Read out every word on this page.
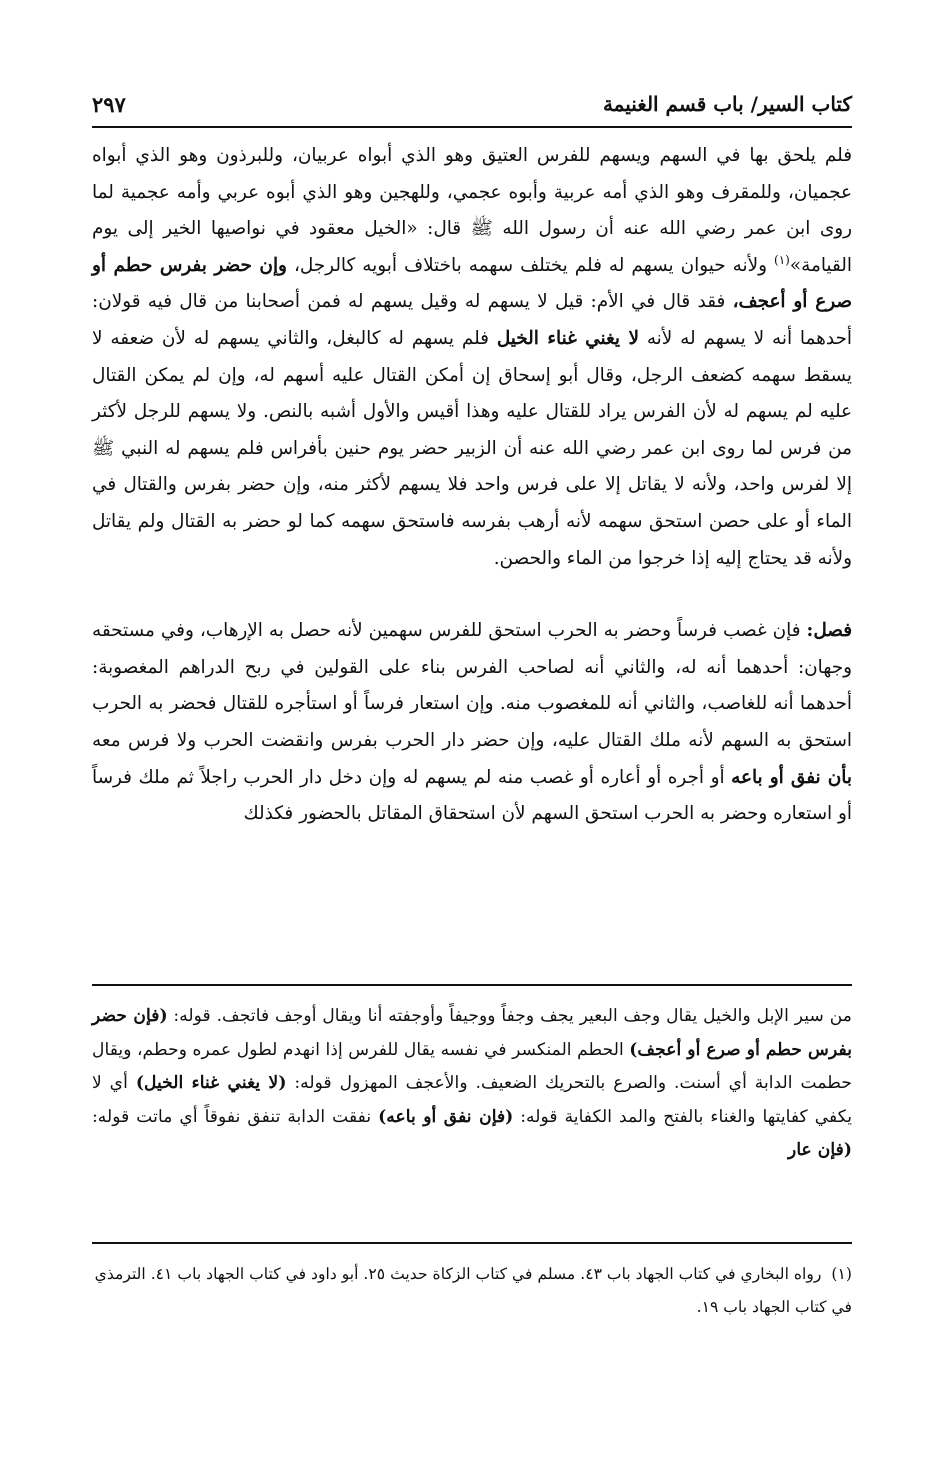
كتاب السير/ باب قسم الغنيمة
٢٩٧

فلم يلحق بها في السهم ويسهم للفرس العتيق وهو الذي أبواه عربيان، وللبرذون وهو الذي أبواه عجميان، وللمقرف وهو الذي أمه عربية وأبوه عجمي، وللهجين وهو الذي أبوه عربي وأمه عجمية لما روى ابن عمر رضي الله عنه أن رسول الله ﷺ قال: «الخيل معقود في نواصيها الخير إلى يوم القيامة»$^{(١)}$ ولأنه حيوان يسهم له فلم يختلف سهمه باختلاف أبويه كالرجل، وإن حضر بفرس حطم أو صرع أو أعجف، فقد قال في الأم: قيل لا يسهم له وقيل يسهم له فمن أصحابنا من قال فيه قولان: أحدهما أنه لا يسهم له لأنه لا يغني غناء الخيل فلم يسهم له كالبغل، والثاني يسهم له لأن ضعفه لا يسقط سهمه كضعف الرجل، وقال أبو إسحاق إن أمكن القتال عليه أسهم له، وإن لم يمكن القتال عليه لم يسهم له لأن الفرس يراد للقتال عليه وهذا أقيس والأول أشبه بالنص. ولا يسهم للرجل لأكثر من فرس لما روى ابن عمر رضي الله عنه أن الزبير حضر يوم حنين بأفراس فلم يسهم له النبي ﷺ إلا لفرس واحد، ولأنه لا يقاتل إلا على فرس واحد فلا يسهم لأكثر منه، وإن حضر بفرس والقتال في الماء أو على حصن استحق سهمه لأنه أرهب بفرسه فاستحق سهمه كما لو حضر به القتال ولم يقاتل ولأنه قد يحتاج إليه إذا خرجوا من الماء والحصن.

فصل: فإن غصب فرساً وحضر به الحرب استحق للفرس سهمين لأنه حصل به الإرهاب، وفي مستحقه وجهان: أحدهما أنه له، والثاني أنه لصاحب الفرس بناء على القولين في ربح الدراهم المغصوبة: أحدهما أنه للغاصب، والثاني أنه للمغصوب منه. وإن استعار فرساً أو استأجره للقتال فحضر به الحرب استحق به السهم لأنه ملك القتال عليه، وإن حضر دار الحرب بفرس وانقضت الحرب ولا فرس معه بأن نفق أو باعه أو أجره أو أعاره أو غصب منه لم يسهم له وإن دخل دار الحرب راجلاً ثم ملك فرساً أو استعاره وحضر به الحرب استحق السهم لأن استحقاق المقاتل بالحضور فكذلك

من سير الإبل والخيل يقال وجف البعير يجف وجفاً ووجيفاً وأوجفته أنا ويقال أوجف فاتجف. قوله: (فإن حضر بفرس حطم أو صرع أو أعجف) الحطم المنكسر في نفسه يقال للفرس إذا انهدم لطول عمره وحطم، ويقال حطمت الدابة أي أسنت. والصرع بالتحريك الضعيف. والأعجف المهزول قوله: (لا يغني غناء الخيل) أي لا يكفي كفايتها والغناء بالفتح والمد الكفاية قوله: (فإن نفق أو باعه) نفقت الدابة تنفق نفوقاً أي ماتت قوله: (فإن عار

(١)رواه البخاري في كتاب الجهاد باب ٤٣. مسلم في كتاب الزكاة حديث ٢٥. أبو داود في كتاب الجهاد باب ٤١. الترمذي في كتاب الجهاد باب ١٩.
